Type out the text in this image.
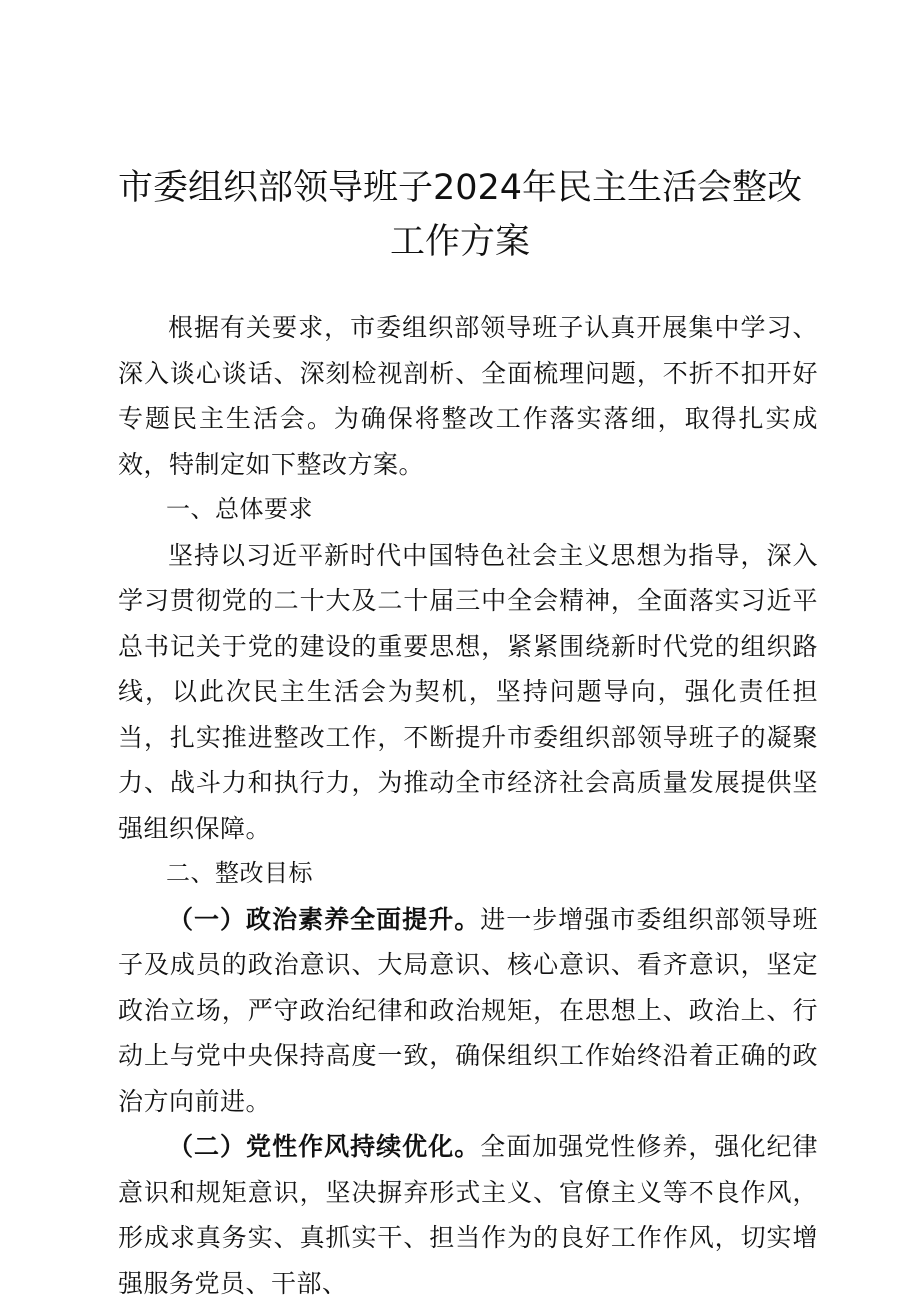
市委组织部领导班子2024年民主生活会整改
工作方案

根据有关要求，市委组织部领导班子认真开展集中学习、深入谈心谈话、深刻检视剖析、全面梳理问题，不折不扣开好专题民主生活会。为确保将整改工作落实落细，取得扎实成效，特制定如下整改方案。

一、总体要求

坚持以习近平新时代中国特色社会主义思想为指导，深入学习贯彻党的二十大及二十届三中全会精神，全面落实习近平总书记关于党的建设的重要思想，紧紧围绕新时代党的组织路线，以此次民主生活会为契机，坚持问题导向，强化责任担当，扎实推进整改工作，不断提升市委组织部领导班子的凝聚力、战斗力和执行力，为推动全市经济社会高质量发展提供坚强组织保障。

二、整改目标

（一）政治素养全面提升。进一步增强市委组织部领导班子及成员的政治意识、大局意识、核心意识、看齐意识，坚定政治立场，严守政治纪律和政治规矩，在思想上、政治上、行动上与党中央保持高度一致，确保组织工作始终沿着正确的政治方向前进。

（二）党性作风持续优化。全面加强党性修养，强化纪律意识和规矩意识，坚决摒弃形式主义、官僚主义等不良作风，形成求真务实、真抓实干、担当作为的良好工作作风，切实增强服务党员、干部、
